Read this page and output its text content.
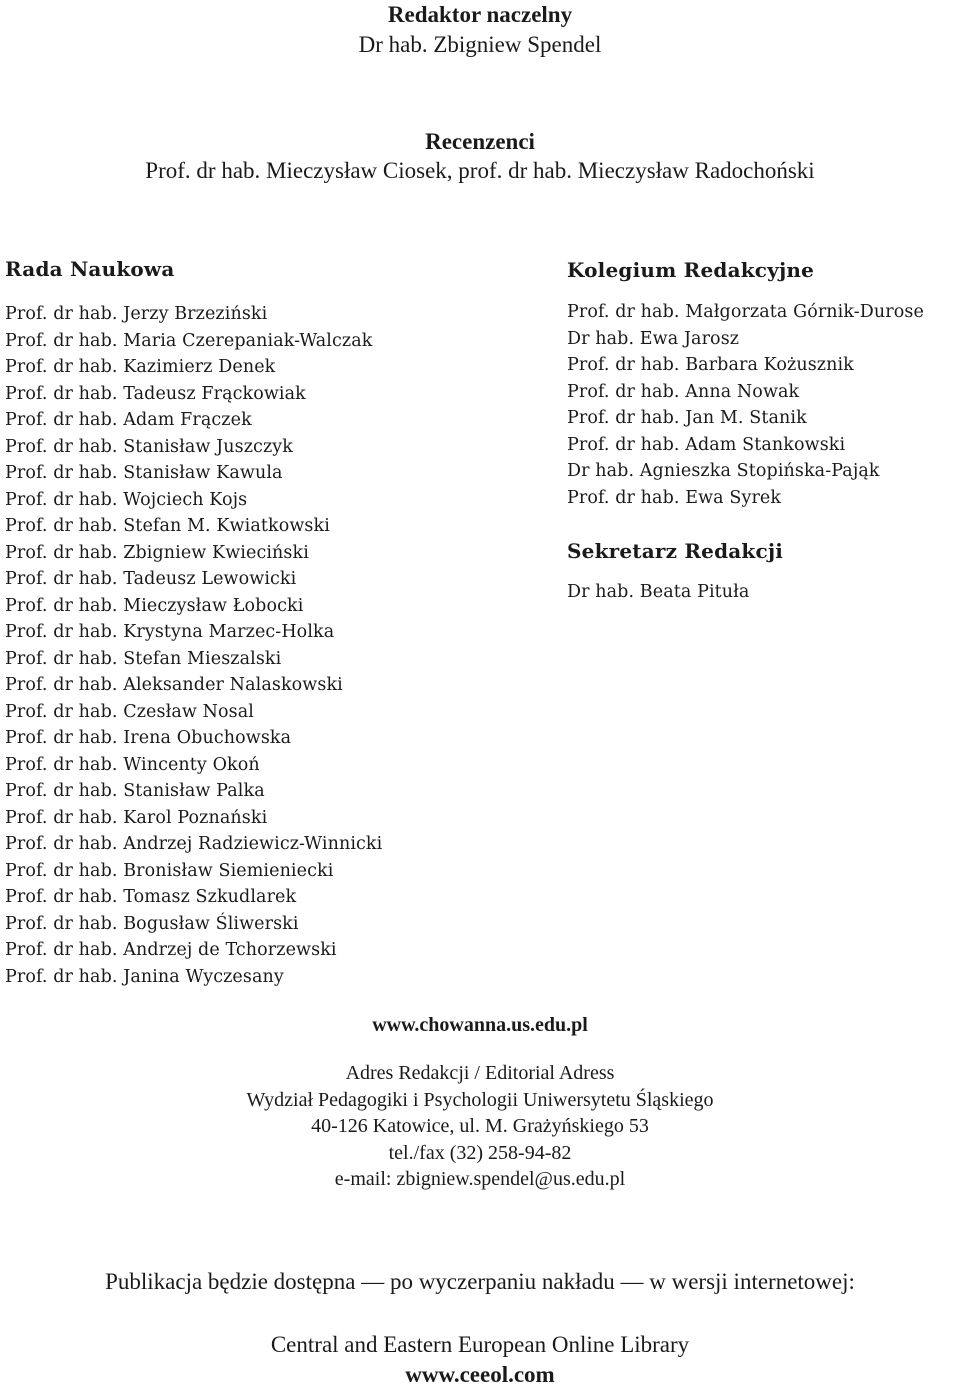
Redaktor naczelny
Dr hab. Zbigniew Spendel
Recenzenci
Prof. dr hab. Mieczysław Ciosek, prof. dr hab. Mieczysław Radochoński
Rada Naukowa
Prof. dr hab. Jerzy Brzeziński
Prof. dr hab. Maria Czerepaniak-Walczak
Prof. dr hab. Kazimierz Denek
Prof. dr hab. Tadeusz Frąckowiak
Prof. dr hab. Adam Frączek
Prof. dr hab. Stanisław Juszczyk
Prof. dr hab. Stanisław Kawula
Prof. dr hab. Wojciech Kojs
Prof. dr hab. Stefan M. Kwiatkowski
Prof. dr hab. Zbigniew Kwieciński
Prof. dr hab. Tadeusz Lewowicki
Prof. dr hab. Mieczysław Łobocki
Prof. dr hab. Krystyna Marzec-Holka
Prof. dr hab. Stefan Mieszalski
Prof. dr hab. Aleksander Nalaskowski
Prof. dr hab. Czesław Nosal
Prof. dr hab. Irena Obuchowska
Prof. dr hab. Wincenty Okoń
Prof. dr hab. Stanisław Palka
Prof. dr hab. Karol Poznański
Prof. dr hab. Andrzej Radziewicz-Winnicki
Prof. dr hab. Bronisław Siemieniecki
Prof. dr hab. Tomasz Szkudlarek
Prof. dr hab. Bogusław Śliwerski
Prof. dr hab. Andrzej de Tchorzewski
Prof. dr hab. Janina Wyczesany
Kolegium Redakcyjne
Prof. dr hab. Małgorzata Górnik-Durose
Dr hab. Ewa Jarosz
Prof. dr hab. Barbara Kożusznik
Prof. dr hab. Anna Nowak
Prof. dr hab. Jan M. Stanik
Prof. dr hab. Adam Stankowski
Dr hab. Agnieszka Stopińska-Pająk
Prof. dr hab. Ewa Syrek
Sekretarz Redakcji
Dr hab. Beata Pituła
www.chowanna.us.edu.pl
Adres Redakcji / Editorial Adress
Wydział Pedagogiki i Psychologii Uniwersytetu Śląskiego
40-126 Katowice, ul. M. Grażyńskiego 53
tel./fax (32) 258-94-82
e-mail: zbigniew.spendel@us.edu.pl
Publikacja będzie dostępna — po wyczerpaniu nakładu — w wersji internetowej:
Central and Eastern European Online Library
www.ceeol.com
